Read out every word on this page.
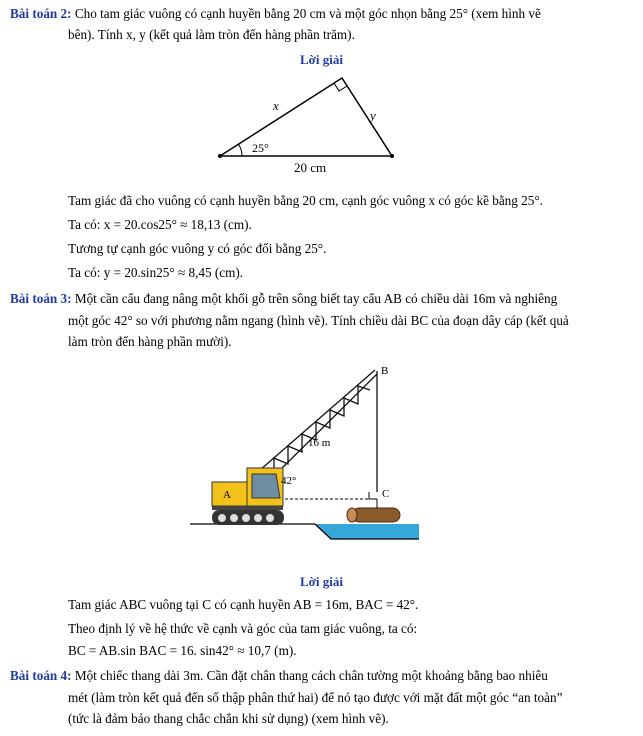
Bài toán 2: Cho tam giác vuông có cạnh huyền bằng 20 cm và một góc nhọn bằng 25° (xem hình vẽ
bên). Tính x, y (kết quả làm tròn đến hàng phần trăm).
Lời giải
x
y
25°
20 cm
Tam giác đã cho vuông có cạnh huyền bằng 20 cm, cạnh góc vuông x có góc kề bằng 25°.
Ta có: x = 20.cos25° ≈ 18,13 (cm).
Tương tự cạnh góc vuông y có góc đối bằng 25°.
Ta có: y = 20.sin25° ≈ 8,45 (cm).
Bài toán 3: Một cần cẩu đang nâng một khối gỗ trên sông biết tay cẩu AB có chiều dài 16m và nghiêng
một góc 42° so với phương nằm ngang (hình vẽ). Tính chiều dài BC của đoạn dây cáp (kết quả
làm tròn đến hàng phần mười).
B
C
A
16 m
42°
Lời giải
Tam giác ABC vuông tại C có cạnh huyền AB = 16m, BAC = 42°.
Theo định lý về hệ thức về cạnh và góc của tam giác vuông, ta có:
BC = AB.sin BAC = 16. sin42° ≈ 10,7 (m).
Bài toán 4: Một chiếc thang dài 3m. Cần đặt chân thang cách chân tường một khoảng bằng bao nhiêu
mét (làm tròn kết quả đến số thập phân thứ hai) để nó tạo được với mặt đất một góc “an toàn”
(tức là đảm bảo thang chắc chắn khi sử dụng) (xem hình vẽ).
